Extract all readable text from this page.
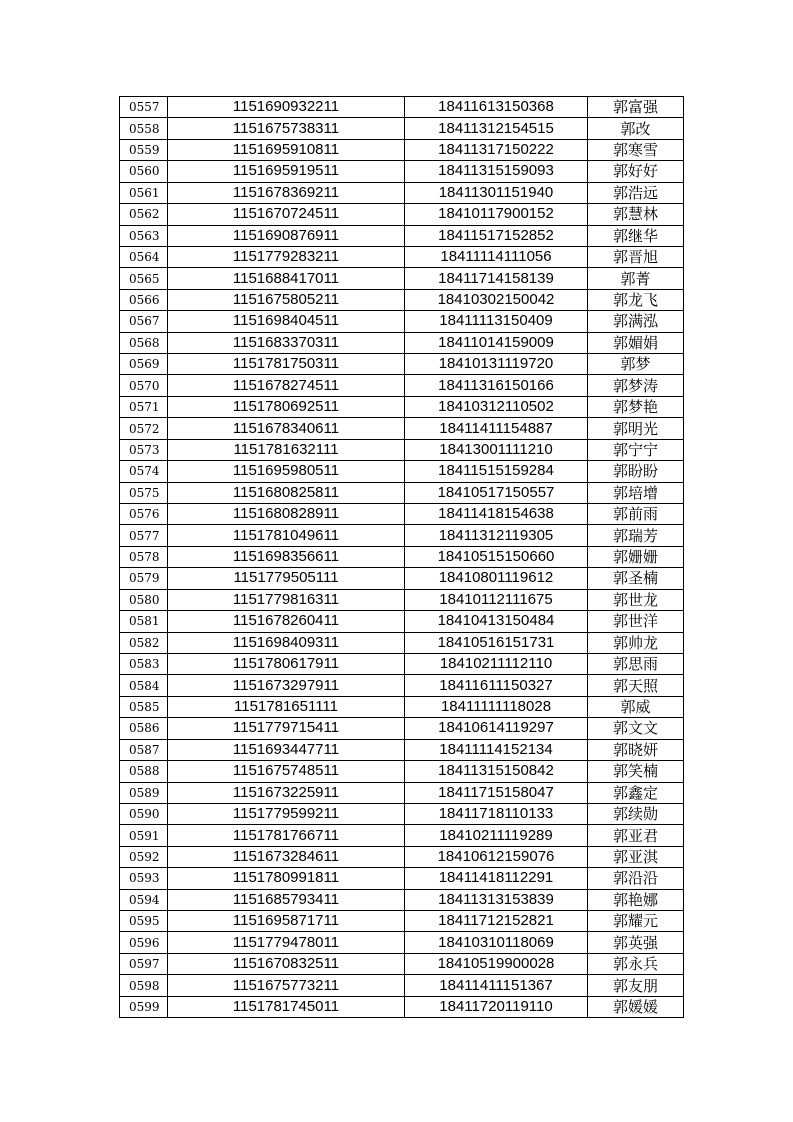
0557	1151690932211	18411613150368	郭富强
0558	1151675738311	18411312154515	郭改
0559	1151695910811	18411317150222	郭寒雪
0560	1151695919511	18411315159093	郭好好
0561	1151678369211	18411301151940	郭浩远
0562	1151670724511	18410117900152	郭慧林
0563	1151690876911	18411517152852	郭继华
0564	1151779283211	18411114111056	郭晋旭
0565	1151688417011	18411714158139	郭菁
0566	1151675805211	18410302150042	郭龙飞
0567	1151698404511	18411113150409	郭满泓
0568	1151683370311	18411014159009	郭媚娟
0569	1151781750311	18410131119720	郭梦
0570	1151678274511	18411316150166	郭梦涛
0571	1151780692511	18410312110502	郭梦艳
0572	1151678340611	18411411154887	郭明光
0573	1151781632111	18413001111210	郭宁宁
0574	1151695980511	18411515159284	郭盼盼
0575	1151680825811	18410517150557	郭培增
0576	1151680828911	18411418154638	郭前雨
0577	1151781049611	18411312119305	郭瑞芳
0578	1151698356611	18410515150660	郭姗姗
0579	1151779505111	18410801119612	郭圣楠
0580	1151779816311	18410112111675	郭世龙
0581	1151678260411	18410413150484	郭世洋
0582	1151698409311	18410516151731	郭帅龙
0583	1151780617911	18410211112110	郭思雨
0584	1151673297911	18411611150327	郭天照
0585	1151781651111	18411111118028	郭威
0586	1151779715411	18410614119297	郭文文
0587	1151693447711	18411114152134	郭晓妍
0588	1151675748511	18411315150842	郭笑楠
0589	1151673225911	18411715158047	郭鑫定
0590	1151779599211	18411718110133	郭续勋
0591	1151781766711	18410211119289	郭亚君
0592	1151673284611	18410612159076	郭亚淇
0593	1151780991811	18411418112291	郭沿沿
0594	1151685793411	18411313153839	郭艳娜
0595	1151695871711	18411712152821	郭耀元
0596	1151779478011	18410310118069	郭英强
0597	1151670832511	18410519900028	郭永兵
0598	1151675773211	18411411151367	郭友朋
0599	1151781745011	18411720119110	郭媛媛
